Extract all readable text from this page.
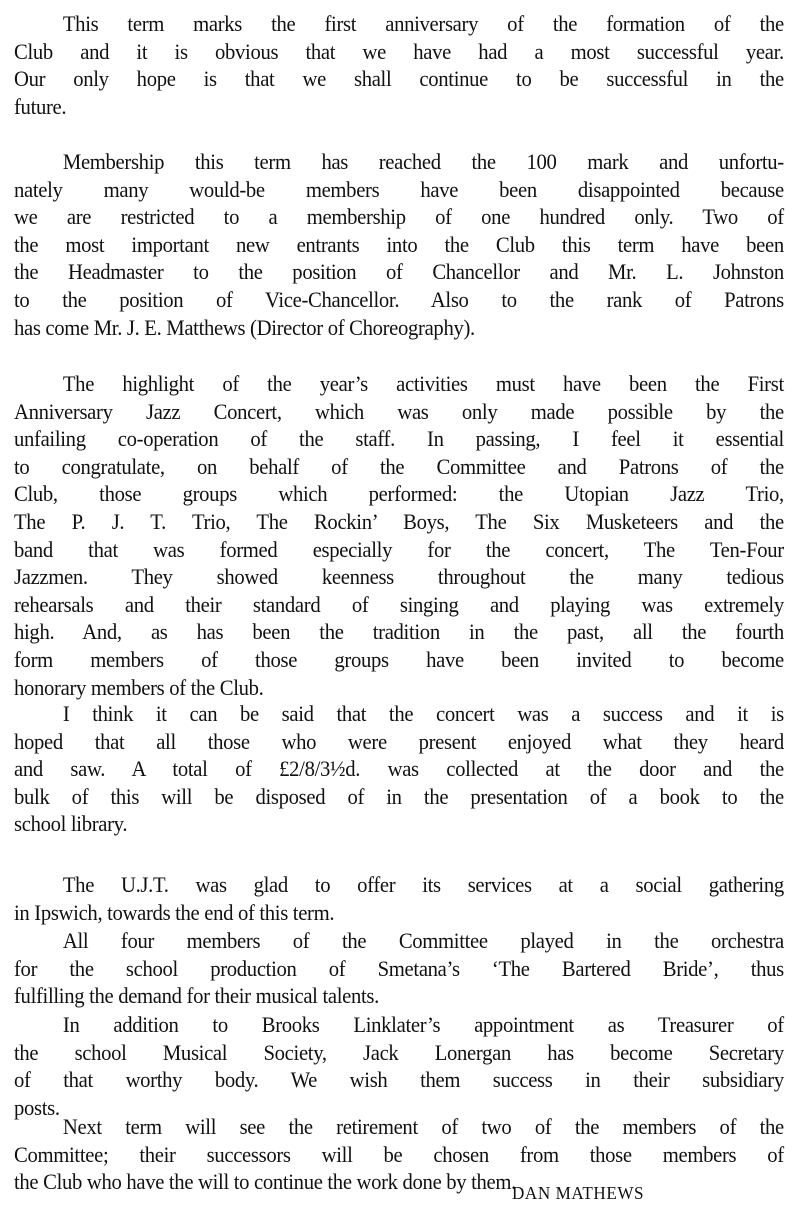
This term marks the first anniversary of the formation of the
Club and it is obvious that we have had a most successful year.
Our only hope is that we shall continue to be successful in the
future.
Membership this term has reached the 100 mark and unfortu-
nately many would-be members have been disappointed because
we are restricted to a membership of one hundred only. Two of
the most important new entrants into the Club this term have been
the Headmaster to the position of Chancellor and Mr. L. Johnston
to the position of Vice-Chancellor. Also to the rank of Patrons
has come Mr. J. E. Matthews (Director of Choreography).
The highlight of the year’s activities must have been the First
Anniversary Jazz Concert, which was only made possible by the
unfailing co-operation of the staff. In passing, I feel it essential
to congratulate, on behalf of the Committee and Patrons of the
Club, those groups which performed: the Utopian Jazz Trio,
The P. J. T. Trio, The Rockin’ Boys, The Six Musketeers and the
band that was formed especially for the concert, The Ten-Four
Jazzmen. They showed keenness throughout the many tedious
rehearsals and their standard of singing and playing was extremely
high. And, as has been the tradition in the past, all the fourth
form members of those groups have been invited to become
honorary members of the Club.
I think it can be said that the concert was a success and it is
hoped that all those who were present enjoyed what they heard
and saw. A total of £2/8/3½d. was collected at the door and the
bulk of this will be disposed of in the presentation of a book to the
school library.
The U.J.T. was glad to offer its services at a social gathering
in Ipswich, towards the end of this term.
All four members of the Committee played in the orchestra
for the school production of Smetana’s ‘The Bartered Bride’, thus
fulfilling the demand for their musical talents.
In addition to Brooks Linklater’s appointment as Treasurer of
the school Musical Society, Jack Lonergan has become Secretary
of that worthy body. We wish them success in their subsidiary
posts.
Next term will see the retirement of two of the members of the
Committee; their successors will be chosen from those members of
the Club who have the will to continue the work done by them.
DAN MATHEWS
